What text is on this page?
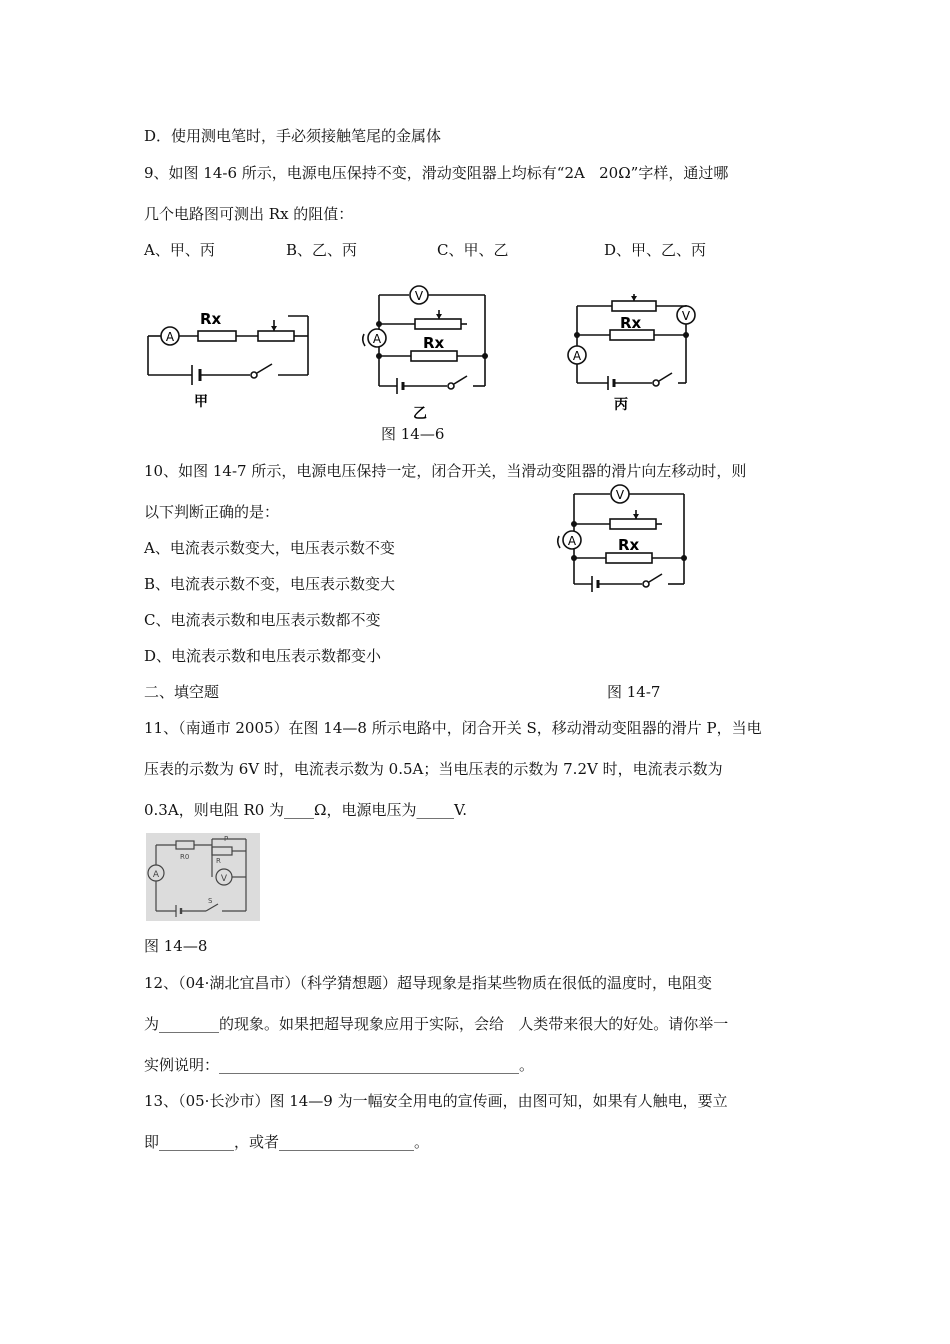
D．使用测电笔时，手必须接触笔尾的金属体
9、如图 14-6 所示，电源电压保持不变，滑动变阻器上均标有“2A   20Ω”字样，通过哪
几个电路图可测出 Rx 的阻值：
A、甲、丙	B、乙、丙	C、甲、乙	D、甲、乙、丙
A
Rx
甲
V
A	Rx
乙
V
A
Rx
丙
图 14—6
10、如图 14-7 所示，电源电压保持一定，闭合开关，当滑动变阻器的滑片向左移动时，则
以下判断正确的是：
A、电流表示数变大，电压表示数不变
B、电流表示数不变，电压表示数变大
C、电流表示数和电压表示数都不变
D、电流表示数和电压表示数都变小
V
A	Rx
二、填空题	图 14-7
11、（南通市 2005）在图 14—8 所示电路中，闭合开关 S，移动滑动变阻器的滑片 P，当电
压表的示数为 6V 时，电流表示数为 0.5A；当电压表的示数为 7.2V 时，电流表示数为
0.3A，则电阻 R0 为____Ω，电源电压为_____V.
A	V
R0	R
P
S
图 14—8
12、（04·湖北宜昌市）（科学猜想题）超导现象是指某些物质在很低的温度时，电阻变
为________的现象。如果把超导现象应用于实际，会给   人类带来很大的好处。请你举一
实例说明：________________________________________。
13、（05·长沙市）图 14—9 为一幅安全用电的宣传画，由图可知，如果有人触电，要立
即__________，或者__________________。
